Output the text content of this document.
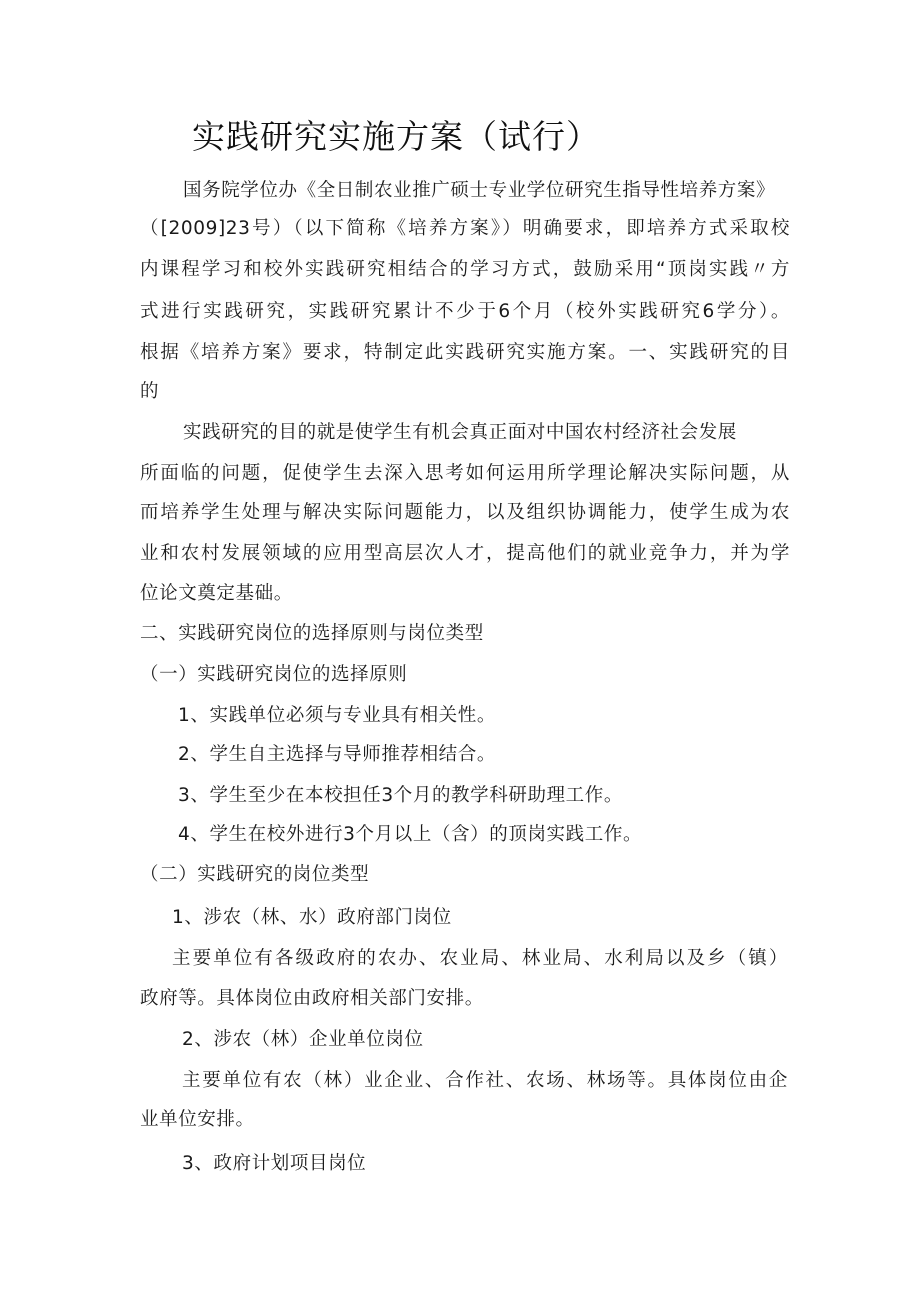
实践研究实施方案（试行）
国务院学位办《全日制农业推广硕士专业学位研究生指导性培养方案》
（[2009]23号）（以下简称《培养方案》）明确要求，即培养方式采取校
内课程学习和校外实践研究相结合的学习方式，鼓励采用“顶岗实践〃方
式进行实践研究，实践研究累计不少于6个月（校外实践研究6学分）。
根据《培养方案》要求，特制定此实践研究实施方案。一、实践研究的目
的
实践研究的目的就是使学生有机会真正面对中国农村经济社会发展
所面临的问题，促使学生去深入思考如何运用所学理论解决实际问题，从
而培养学生处理与解决实际问题能力，以及组织协调能力，使学生成为农
业和农村发展领域的应用型高层次人才，提高他们的就业竞争力，并为学
位论文奠定基础。
二、实践研究岗位的选择原则与岗位类型
（一）实践研究岗位的选择原则
1、实践单位必须与专业具有相关性。
2、学生自主选择与导师推荐相结合。
3、学生至少在本校担任3个月的教学科研助理工作。
4、学生在校外进行3个月以上（含）的顶岗实践工作。
（二）实践研究的岗位类型
1、涉农（林、水）政府部门岗位
主要单位有各级政府的农办、农业局、林业局、水利局以及乡（镇）
政府等。具体岗位由政府相关部门安排。
2、涉农（林）企业单位岗位
主要单位有农（林）业企业、合作社、农场、林场等。具体岗位由企
业单位安排。
3、政府计划项目岗位
